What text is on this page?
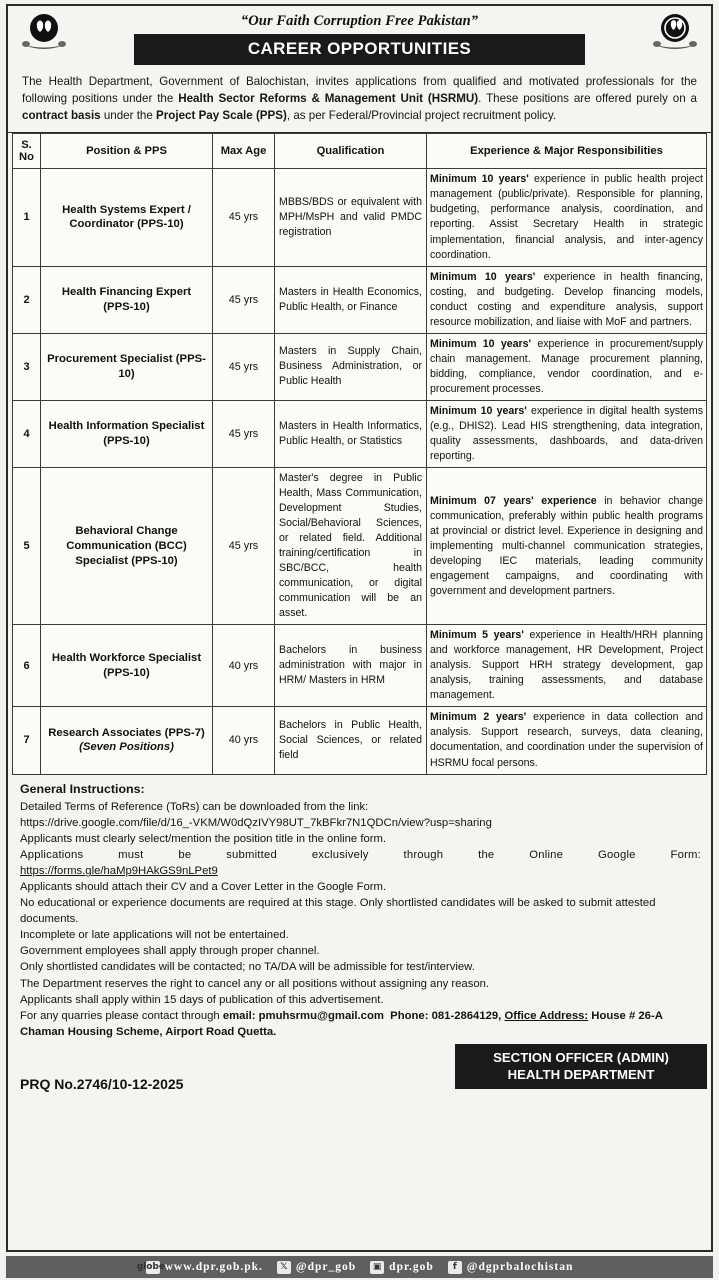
“Our Faith Corruption Free Pakistan”
CAREER OPPORTUNITIES
The Health Department, Government of Balochistan, invites applications from qualified and motivated professionals for the following positions under the Health Sector Reforms & Management Unit (HSRMU). These positions are offered purely on a contract basis under the Project Pay Scale (PPS), as per Federal/Provincial project recruitment policy.
S. No	Position & PPS	Max Age	Qualification	Experience & Major Responsibilities
1	Health Systems Expert / Coordinator (PPS-10)	45 yrs	MBBS/BDS or equivalent with MPH/MsPH and valid PMDC registration	Minimum 10 years' experience in public health project management (public/private). Responsible for planning, budgeting, performance analysis, coordination, and reporting. Assist Secretary Health in strategic implementation, financial analysis, and inter-agency coordination.
2	Health Financing Expert (PPS-10)	45 yrs	Masters in Health Economics, Public Health, or Finance	Minimum 10 years' experience in health financing, costing, and budgeting. Develop financing models, conduct costing and expenditure analysis, support resource mobilization, and liaise with MoF and partners.
3	Procurement Specialist (PPS-10)	45 yrs	Masters in Supply Chain, Business Administration, or Public Health	Minimum 10 years' experience in procurement/supply chain management. Manage procurement planning, bidding, compliance, vendor coordination, and e-procurement processes.
4	Health Information Specialist (PPS-10)	45 yrs	Masters in Health Informatics, Public Health, or Statistics	Minimum 10 years' experience in digital health systems (e.g., DHIS2). Lead HIS strengthening, data integration, quality assessments, dashboards, and data-driven reporting.
5	Behavioral Change Communication (BCC) Specialist (PPS-10)	45 yrs	Master's degree in Public Health, Mass Communication, Development Studies, Social/Behavioral Sciences, or related field. Additional training/certification in SBC/BCC, health communication, or digital communication will be an asset.	Minimum 07 years' experience in behavior change communication, preferably within public health programs at provincial or district level. Experience in designing and implementing multi-channel communication strategies, developing IEC materials, leading community engagement campaigns, and coordinating with government and development partners.
6	Health Workforce Specialist (PPS-10)	40 yrs	Bachelors in business administration with major in HRM/ Masters in HRM	Minimum 5 years' experience in Health/HRH planning and workforce management, HR Development, Project analysis. Support HRH strategy development, gap analysis, training assessments, and database management.
7	Research Associates (PPS-7) (Seven Positions)	40 yrs	Bachelors in Public Health, Social Sciences, or related field	Minimum 2 years' experience in data collection and analysis. Support research, surveys, data cleaning, documentation, and coordination under the supervision of HSRMU focal persons.

General Instructions:

Detailed Terms of Reference (ToRs) can be downloaded from the link:

https://drive.google.com/file/d/16_-VKM/W0dQzIVY98UT_7kBFkr7N1QDCn/view?usp=sharing

Applicants must clearly select/mention the position title in the online form.

Applications must be submitted exclusively through the Online Google Form:

https://forms.gle/haMp9HAkGS9nLPet9

Applicants should attach their CV and a Cover Letter in the Google Form.

No educational or experience documents are required at this stage. Only shortlisted candidates will be asked to submit attested documents.

Incomplete or late applications will not be entertained.

Government employees shall apply through proper channel.

Only shortlisted candidates will be contacted; no TA/DA will be admissible for test/interview.

The Department reserves the right to cancel any or all positions without assigning any reason.

Applicants shall apply within 15 days of publication of this advertisement.

For any quarries please contact through email: pmuhsrmu@gmail.com Phone: 081-2864129, Office Address: House # 26-A Chaman Housing Scheme, Airport Road Quetta.

SECTION OFFICER (ADMIN)
HEALTH DEPARTMENT
PRQ No.2746/10-12-2025
globe;
www.dpr.gob.pk.	𝕏 @dpr_gob	▣ dpr.gob	f @dgprbalochistan
